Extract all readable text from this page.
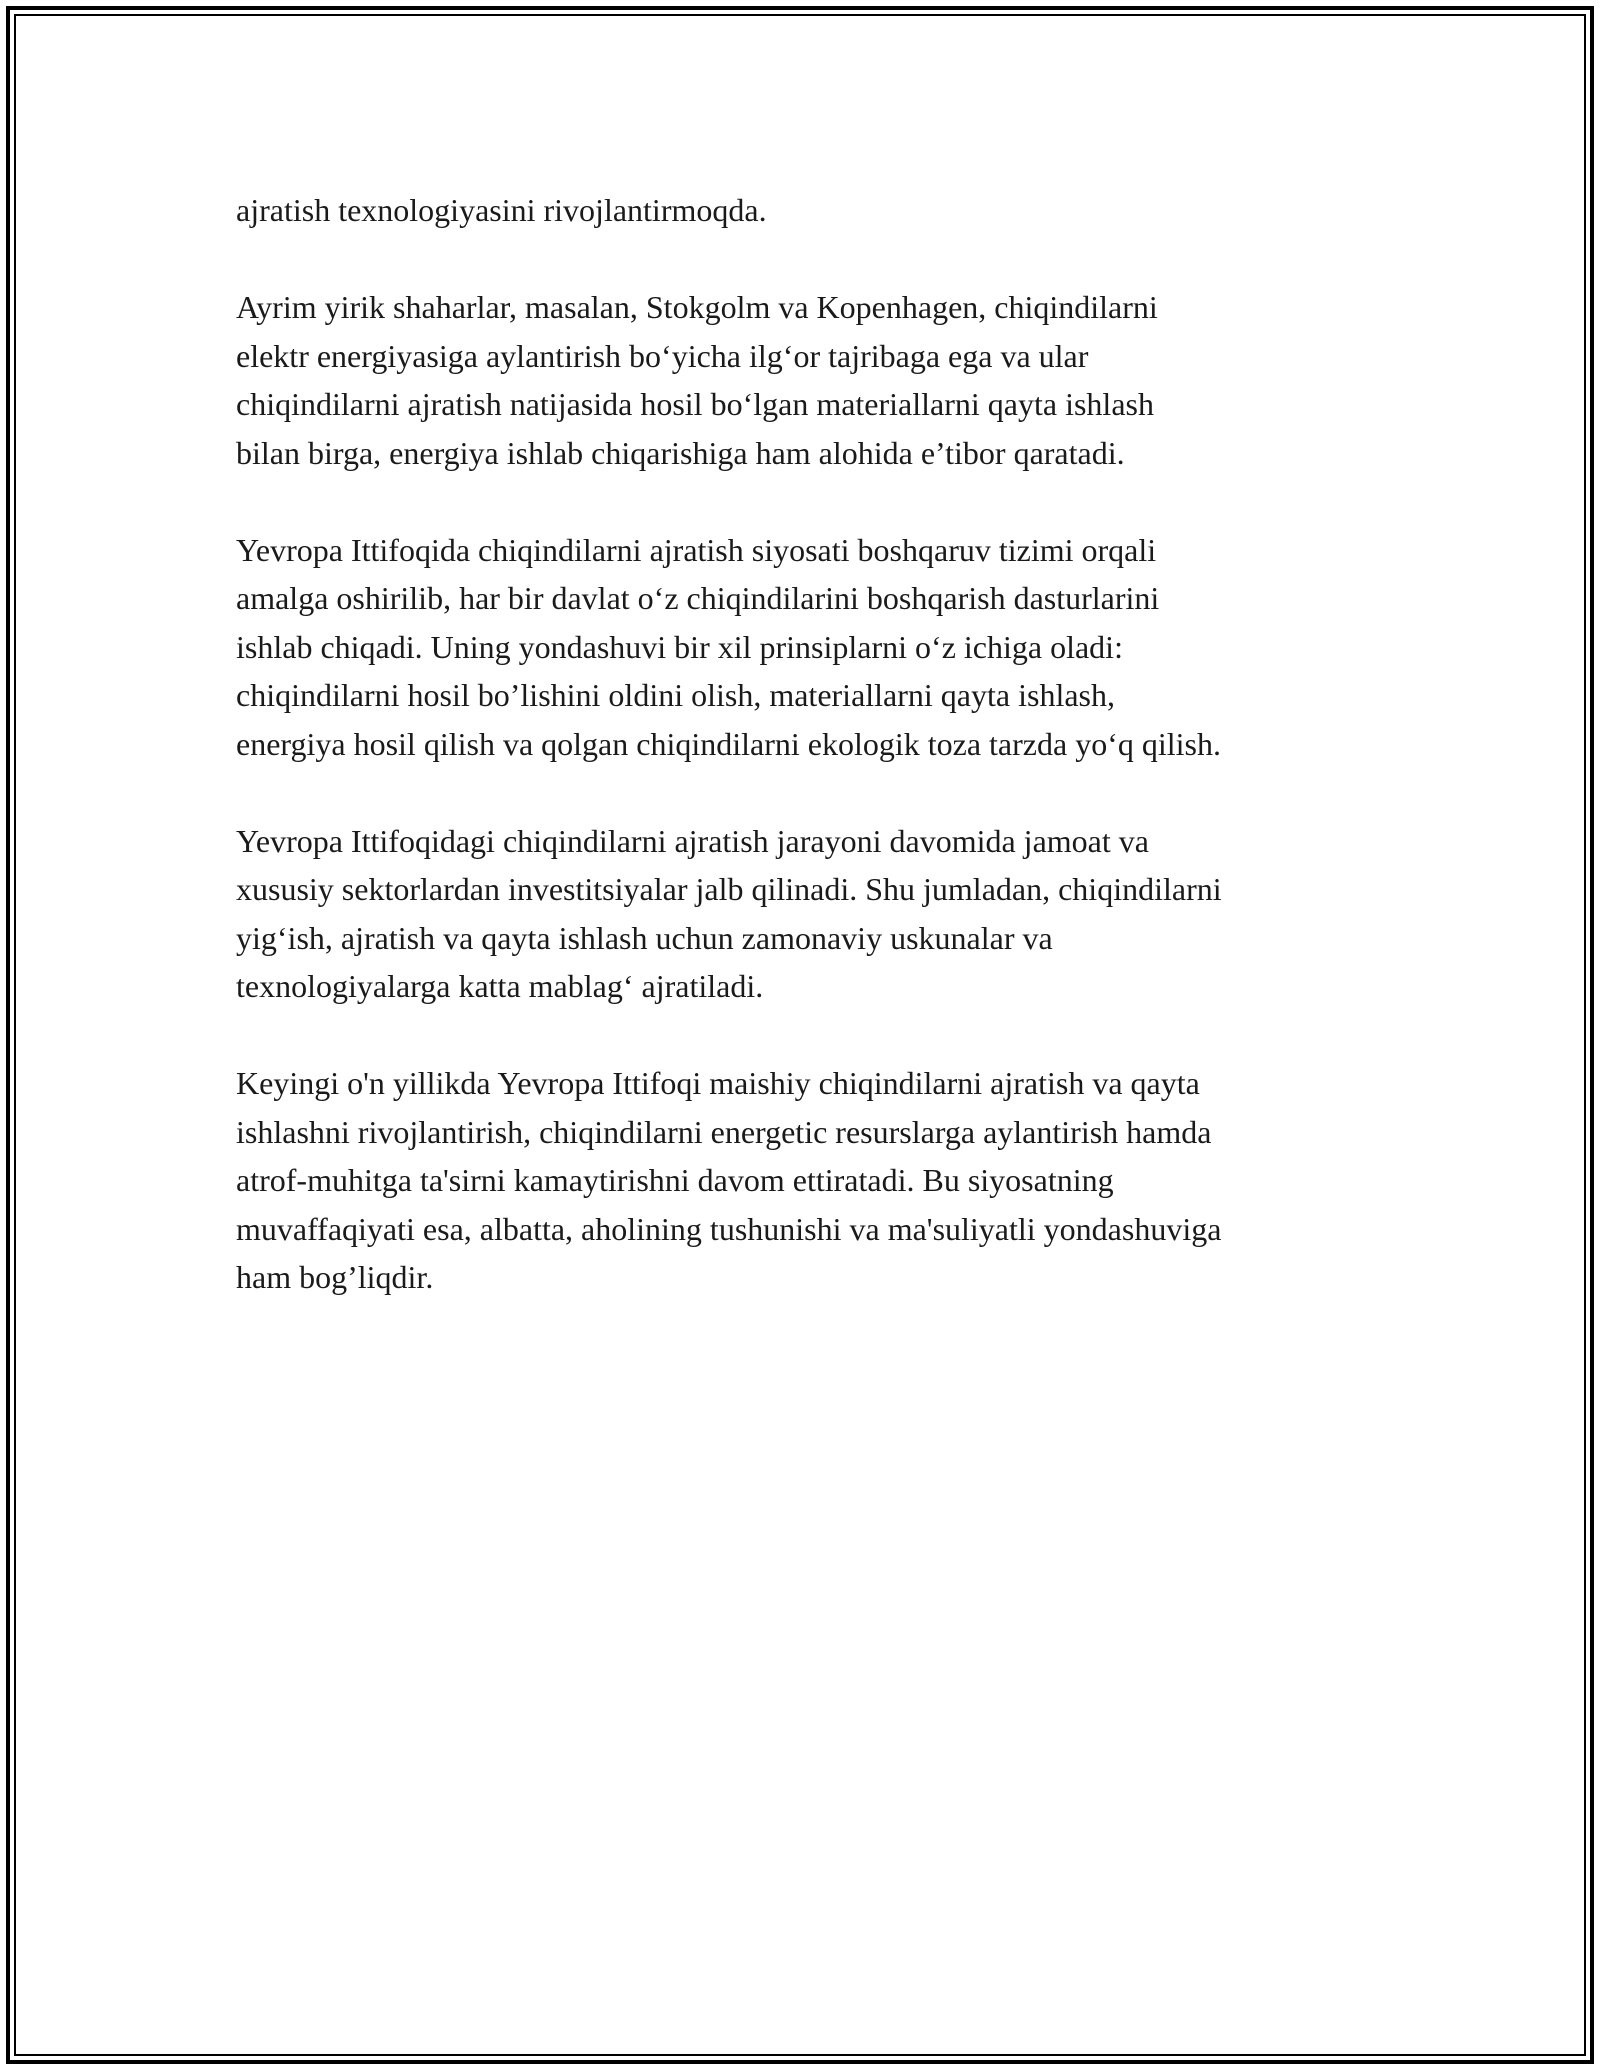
ajratish texnologiyasini rivojlantirmoqda.

Ayrim yirik shaharlar, masalan, Stokgolm va Kopenhagen, chiqindilarni
elektr energiyasiga aylantirish bo‘yicha ilg‘or tajribaga ega va ular
chiqindilarni ajratish natijasida hosil bo‘lgan materiallarni qayta ishlash
bilan birga, energiya ishlab chiqarishiga ham alohida e’tibor qaratadi.

Yevropa Ittifoqida chiqindilarni ajratish siyosati boshqaruv tizimi orqali
amalga oshirilib, har bir davlat o‘z chiqindilarini boshqarish dasturlarini
ishlab chiqadi. Uning yondashuvi bir xil prinsiplarni o‘z ichiga oladi:
chiqindilarni hosil bo’lishini oldini olish, materiallarni qayta ishlash,
energiya hosil qilish va qolgan chiqindilarni ekologik toza tarzda yo‘q qilish.

Yevropa Ittifoqidagi chiqindilarni ajratish jarayoni davomida jamoat va
xususiy sektorlardan investitsiyalar jalb qilinadi. Shu jumladan, chiqindilarni
yig‘ish, ajratish va qayta ishlash uchun zamonaviy uskunalar va
texnologiyalarga katta mablag‘ ajratiladi.

Keyingi o'n yillikda Yevropa Ittifoqi maishiy chiqindilarni ajratish va qayta
ishlashni rivojlantirish, chiqindilarni energetic resurslarga aylantirish hamda
atrof-muhitga ta'sirni kamaytirishni davom ettiratadi. Bu siyosatning
muvaffaqiyati esa, albatta, aholining tushunishi va ma'suliyatli yondashuviga
ham bog’liqdir.
